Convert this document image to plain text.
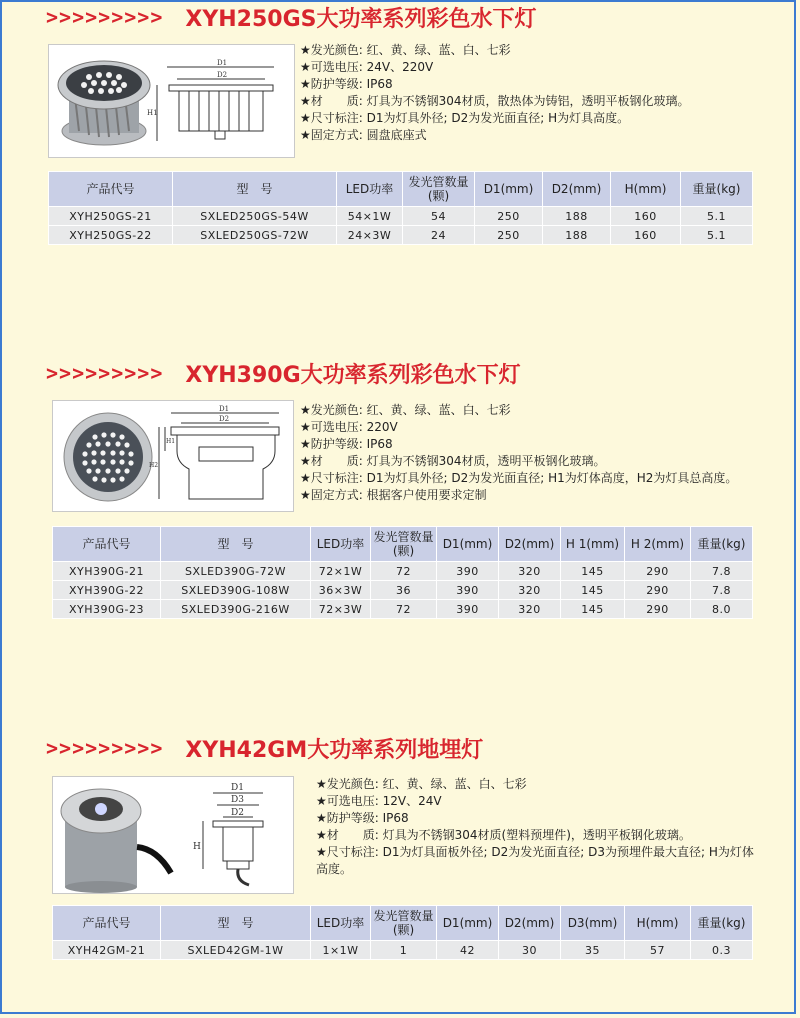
>>>>>>>>> XYH250GS大功率系列彩色水下灯
D1
D2
H1
★发光颜色: 红、黄、绿、蓝、白、七彩
★可选电压: 24V、220V
★防护等级: IP68
★材　　质: 灯具为不锈钢304材质，散热体为铸铝，透明平板钢化玻璃。
★尺寸标注: D1为灯具外径; D2为发光面直径; H为灯具高度。
★固定方式: 圆盘底座式
产品代号	型　号	LED功率	发光管数量(颗)	D1(mm)	D2(mm)	H(mm)	重量(kg)
XYH250GS-21	SXLED250GS-54W	54×1W	54	250	188	160	5.1
XYH250GS-22	SXLED250GS-72W	24×3W	24	250	188	160	5.1
>>>>>>>>> XYH390G大功率系列彩色水下灯
D1
D2
H1
H2
★发光颜色: 红、黄、绿、蓝、白、七彩
★可选电压: 220V
★防护等级: IP68
★材　　质: 灯具为不锈钢304材质，透明平板钢化玻璃。
★尺寸标注: D1为灯具外径; D2为发光面直径; H1为灯体高度，H2为灯具总高度。
★固定方式: 根据客户使用要求定制
产品代号	型　号	LED功率	发光管数量(颗)	D1(mm)	D2(mm)	H 1(mm)	H 2(mm)	重量(kg)
XYH390G-21	SXLED390G-72W	72×1W	72	390	320	145	290	7.8
XYH390G-22	SXLED390G-108W	36×3W	36	390	320	145	290	7.8
XYH390G-23	SXLED390G-216W	72×3W	72	390	320	145	290	8.0
>>>>>>>>> XYH42GM大功率系列地埋灯
D1
D3
D2
H
★发光颜色: 红、黄、绿、蓝、白、七彩
★可选电压: 12V、24V
★防护等级: IP68
★材　　质: 灯具为不锈钢304材质(塑料预埋件)，透明平板钢化玻璃。
★尺寸标注: D1为灯具面板外径; D2为发光面直径; D3为预埋件最大直径; H为灯体高度。
产品代号	型　号	LED功率	发光管数量(颗)	D1(mm)	D2(mm)	D3(mm)	H(mm)	重量(kg)
XYH42GM-21	SXLED42GM-1W	1×1W	1	42	30	35	57	0.3
